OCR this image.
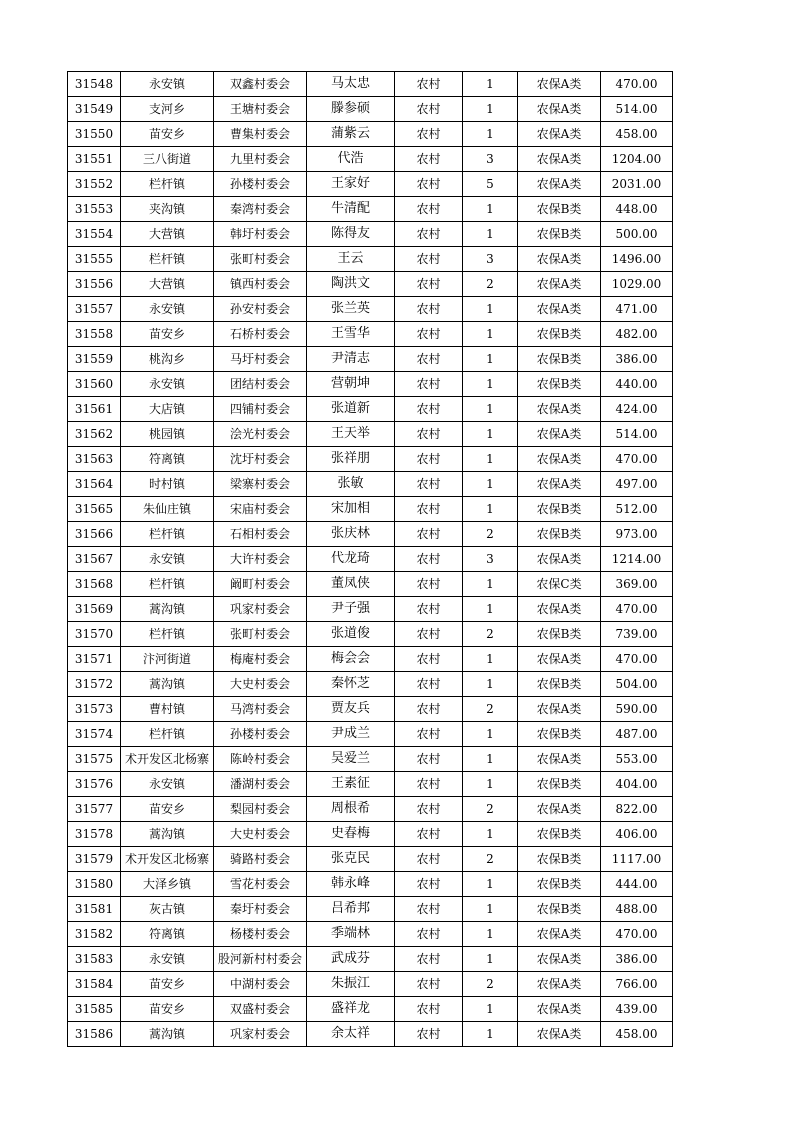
31548	永安镇	双鑫村委会	马太忠	农村	1	农保A类	470.00
31549	支河乡	王塘村委会	滕参硕	农村	1	农保A类	514.00
31550	苗安乡	曹集村委会	蒲紫云	农村	1	农保A类	458.00
31551	三八街道	九里村委会	代浩	农村	3	农保A类	1204.00
31552	栏杆镇	孙楼村委会	王家好	农村	5	农保A类	2031.00
31553	夹沟镇	秦湾村委会	牛清配	农村	1	农保B类	448.00
31554	大营镇	韩圩村委会	陈得友	农村	1	农保B类	500.00
31555	栏杆镇	张町村委会	王云	农村	3	农保A类	1496.00
31556	大营镇	镇西村委会	陶洪文	农村	2	农保A类	1029.00
31557	永安镇	孙安村委会	张兰英	农村	1	农保A类	471.00
31558	苗安乡	石桥村委会	王雪华	农村	1	农保B类	482.00
31559	桃沟乡	马圩村委会	尹清志	农村	1	农保B类	386.00
31560	永安镇	团结村委会	营朝坤	农村	1	农保B类	440.00
31561	大店镇	四铺村委会	张道新	农村	1	农保A类	424.00
31562	桃园镇	浍光村委会	王天举	农村	1	农保A类	514.00
31563	符离镇	沈圩村委会	张祥朋	农村	1	农保A类	470.00
31564	时村镇	梁寨村委会	张敏	农村	1	农保A类	497.00
31565	朱仙庄镇	宋庙村委会	宋加相	农村	1	农保B类	512.00
31566	栏杆镇	石相村委会	张庆林	农村	2	农保B类	973.00
31567	永安镇	大许村委会	代龙琦	农村	3	农保A类	1214.00
31568	栏杆镇	阚町村委会	董凤侠	农村	1	农保C类	369.00
31569	蒿沟镇	巩家村委会	尹子强	农村	1	农保A类	470.00
31570	栏杆镇	张町村委会	张道俊	农村	2	农保B类	739.00
31571	汴河街道	梅庵村委会	梅会会	农村	1	农保A类	470.00
31572	蒿沟镇	大史村委会	秦怀芝	农村	1	农保B类	504.00
31573	曹村镇	马湾村委会	贾友兵	农村	2	农保A类	590.00
31574	栏杆镇	孙楼村委会	尹成兰	农村	1	农保B类	487.00
31575	术开发区北杨寨	陈岭村委会	吴爱兰	农村	1	农保A类	553.00
31576	永安镇	潘湖村委会	王素征	农村	1	农保B类	404.00
31577	苗安乡	梨园村委会	周根希	农村	2	农保A类	822.00
31578	蒿沟镇	大史村委会	史春梅	农村	1	农保B类	406.00
31579	术开发区北杨寨	骑路村委会	张克民	农村	2	农保B类	1117.00
31580	大泽乡镇	雪花村委会	韩永峰	农村	1	农保B类	444.00
31581	灰古镇	秦圩村委会	吕希邦	农村	1	农保B类	488.00
31582	符离镇	杨楼村委会	季端林	农村	1	农保A类	470.00
31583	永安镇	股河新村村委会	武成芬	农村	1	农保A类	386.00
31584	苗安乡	中湖村委会	朱振江	农村	2	农保A类	766.00
31585	苗安乡	双盛村委会	盛祥龙	农村	1	农保A类	439.00
31586	蒿沟镇	巩家村委会	余太祥	农村	1	农保A类	458.00
